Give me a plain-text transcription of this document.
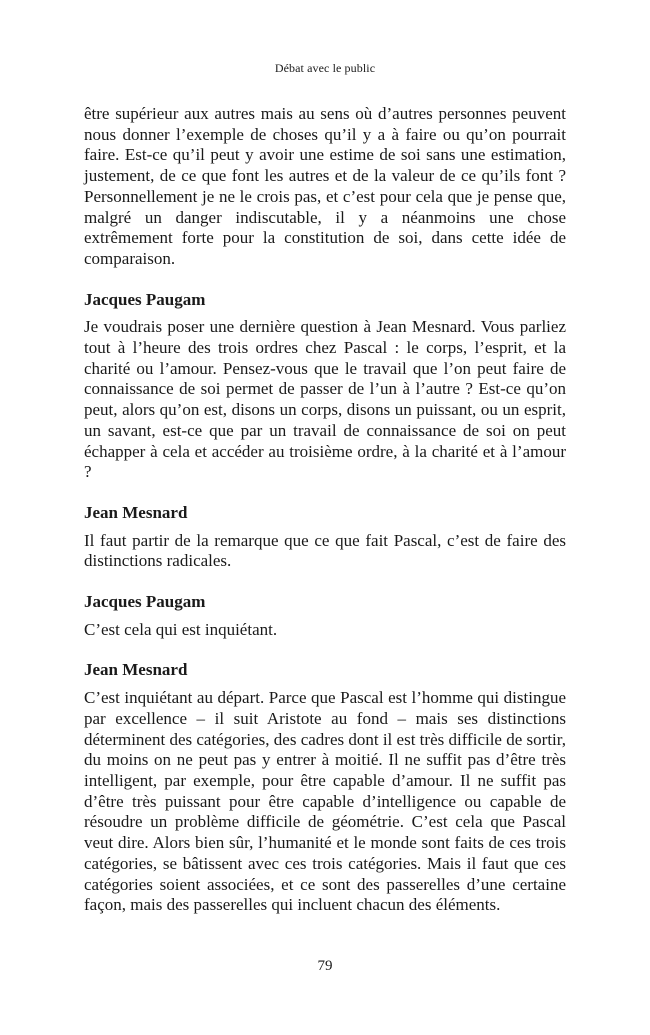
Débat avec le public

être supérieur aux autres mais au sens où d’autres personnes peuvent nous donner l’exemple de choses qu’il y a à faire ou qu’on pourrait faire. Est-ce qu’il peut y avoir une estime de soi sans une estimation, justement, de ce que font les autres et de la valeur de ce qu’ils font ? Personnellement je ne le crois pas, et c’est pour cela que je pense que, malgré un danger indiscutable, il y a néanmoins une chose extrêmement forte pour la constitution de soi, dans cette idée de comparaison.

Jacques Paugam

Je voudrais poser une dernière question à Jean Mesnard. Vous parliez tout à l’heure des trois ordres chez Pascal : le corps, l’esprit, et la charité ou l’amour. Pensez-vous que le travail que l’on peut faire de connaissance de soi permet de passer de l’un à l’autre ? Est-ce qu’on peut, alors qu’on est, disons un corps, disons un puissant, ou un esprit, un savant, est-ce que par un travail de connaissance de soi on peut échapper à cela et accéder au troisième ordre, à la charité et à l’amour ?

Jean Mesnard

Il faut partir de la remarque que ce que fait Pascal, c’est de faire des distinctions radicales.

Jacques Paugam

C’est cela qui est inquiétant.

Jean Mesnard

C’est inquiétant au départ. Parce que Pascal est l’homme qui distingue par excellence – il suit Aristote au fond – mais ses distinctions déterminent des catégories, des cadres dont il est très difficile de sortir, du moins on ne peut pas y entrer à moitié. Il ne suffit pas d’être très intelligent, par exemple, pour être capable d’amour. Il ne suffit pas d’être très puissant pour être capable d’intelligence ou capable de résoudre un problème difficile de géométrie. C’est cela que Pascal veut dire. Alors bien sûr, l’humanité et le monde sont faits de ces trois catégories, se bâtissent avec ces trois catégories. Mais il faut que ces catégories soient associées, et ce sont des passerelles d’une certaine façon, mais des passerelles qui incluent chacun des éléments.

79
